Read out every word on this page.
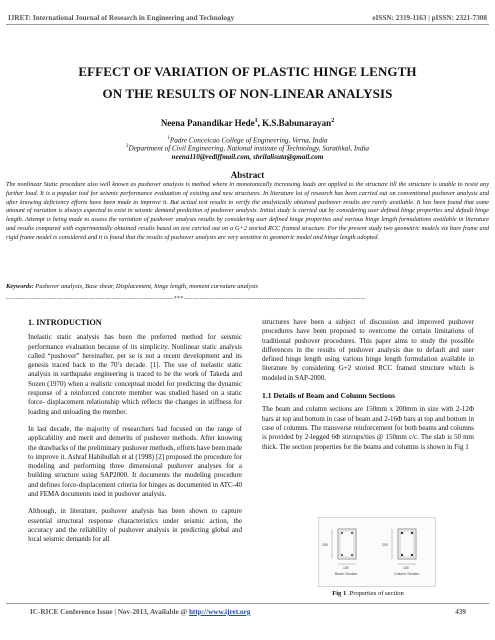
IJRET: International Journal of Research in Engineering and Technology	eISSN: 2319-1163 | pISSN: 2321-7308
EFFECT OF VARIATION OF PLASTIC HINGE LENGTH
ON THE RESULTS OF NON-LINEAR ANALYSIS
Neena Panandikar Hede$^1$, K.S.Babunarayan$^2$
$^1$Padre Conceicao College of Engineering, Verna, India
$^2$Department of Civil Engineering, National institute of Technology, Surathkal, India
neena110@rediffmail.com, shrilalisuta@gmail.com
Abstract

The nonlinear Static procedure also well known as pushover analysis is method where in monotonically increasing loads are applied to the structure till the structure is unable to resist any further load. It is a popular tool for seismic performance evaluation of existing and new structures. In literature lot of research has been carried out on conventional pushover analysis and after knowing deficiency efforts have been made to improve it. But actual test results to verify the analytically obtained pushover results are rarely available. It has been found that some amount of variation is always expected to exist in seismic demand prediction of pushover analysis. Initial study is carried out by considering user defined hinge properties and default hinge length. Attempt is being made to assess the variation of pushover analysis results by considering user defined hinge properties and various hinge length formulations available in literature and results compared with experimentally obtained results based on test carried out on a G+2 storied RCC framed structure. For the present study two geometric models viz bare frame and rigid frame model is considered and it is found that the results of pushover analysis are very sensitive to geometric model and hinge length adopted.

Keywords: Pushover analysis, Base shear, Displacement, hinge length, moment curvature analysis
-------------------------------------------------------------------------***-------------------------------------------------------------------------------
1. INTRODUCTION

Inelastic static analysis has been the preferred method for seismic performance evaluation because of its simplicity. Nonlinear static analysis called “pushover” hereinafter, per se is not a recent development and its genesis traced back to the 70’s decade. [1]. The use of inelastic static analysis in earthquake engineering is traced to be the work of Takeda and Sozen (1970) when a realistic conceptual model for predicting the dynamic response of a reinforced concrete member was studied based on a static force- displacement relationship which reflects the changes in stiffness for loading and unloading the member.

In last decade, the majority of researchers had focused on the range of applicability and merit and demerits of pushover methods. After knowing the drawbacks of the preliminary pushover methods, efforts have been made to improve it. Ashraf Habibullah et al (1998) [2] proposed the procedure for modeling and performing three dimensional pushover analyses for a building structure using SAP2000. It documents the modeling procedure and defines force-displacement criteria for hinges as documented in ATC-40 and FEMA documents used in pushover analysis.

Although, in literature, pushover analysis has been shown to capture essential structural response characteristics under seismic action, the accuracy and the reliability of pushover analysis in predicting global and local seismic demands for all

structures have been a subject of discussion and improved pushover procedures have been proposed to overcome the certain limitations of traditional pushover procedures. This paper aims to study the possible differences in the results of pushover analysis due to default and user defined hinge length using various hinge length formulation available in literature by considering G+2 storied RCC framed structure which is modeled in SAP-2000.

1.1 Details of Beam and Column Sections

The beam and column sections are 150mm x 200mm in size with 2-12Φ bars at top and bottom in case of beam and 2-16Φ bars at top and bottom in case of columns. The transverse reinforcement for both beams and columns is provided by 2-legged 6Φ stirrups/ties @ 150mm c/c. The slab is 50 mm thick. The section properties for the beams and columns is shown in Fig 1

200
150
Beam Section
200
150
Column Section
Fig 1 .Properties of section
IC-RICE Conference Issue | Nov-2013, Available @ http://www.ijret.org	439
